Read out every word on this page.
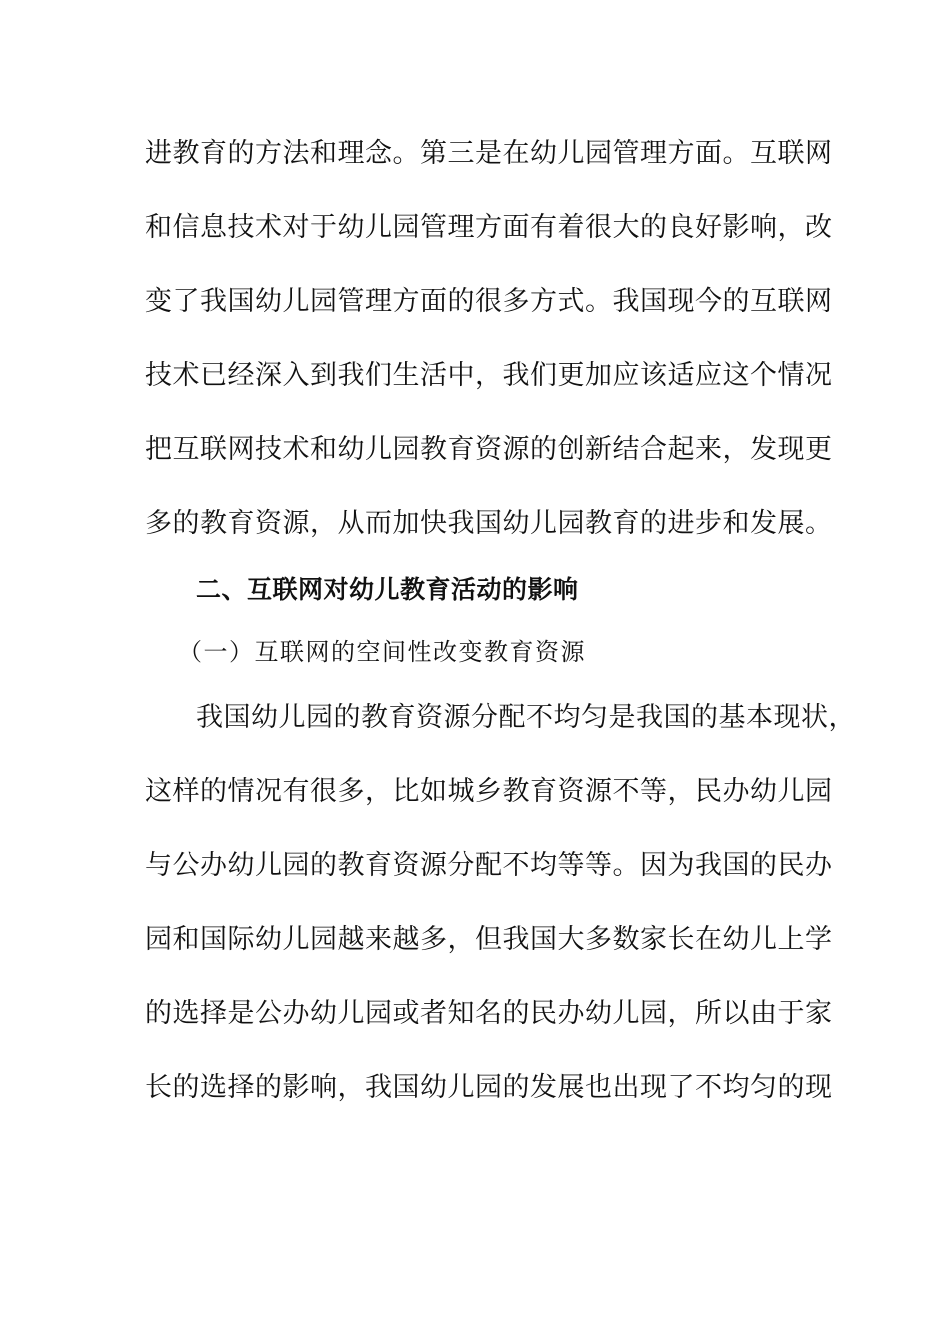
进教育的方法和理念。第三是在幼儿园管理方面。互联网
和信息技术对于幼儿园管理方面有着很大的良好影响，改
变了我国幼儿园管理方面的很多方式。我国现今的互联网
技术已经深入到我们生活中，我们更加应该适应这个情况
把互联网技术和幼儿园教育资源的创新结合起来，发现更
多的教育资源，从而加快我国幼儿园教育的进步和发展。
二、互联网对幼儿教育活动的影响
（一）互联网的空间性改变教育资源
我国幼儿园的教育资源分配不均匀是我国的基本现状，
这样的情况有很多，比如城乡教育资源不等，民办幼儿园
与公办幼儿园的教育资源分配不均等等。因为我国的民办
园和国际幼儿园越来越多，但我国大多数家长在幼儿上学
的选择是公办幼儿园或者知名的民办幼儿园，所以由于家
长的选择的影响，我国幼儿园的发展也出现了不均匀的现
